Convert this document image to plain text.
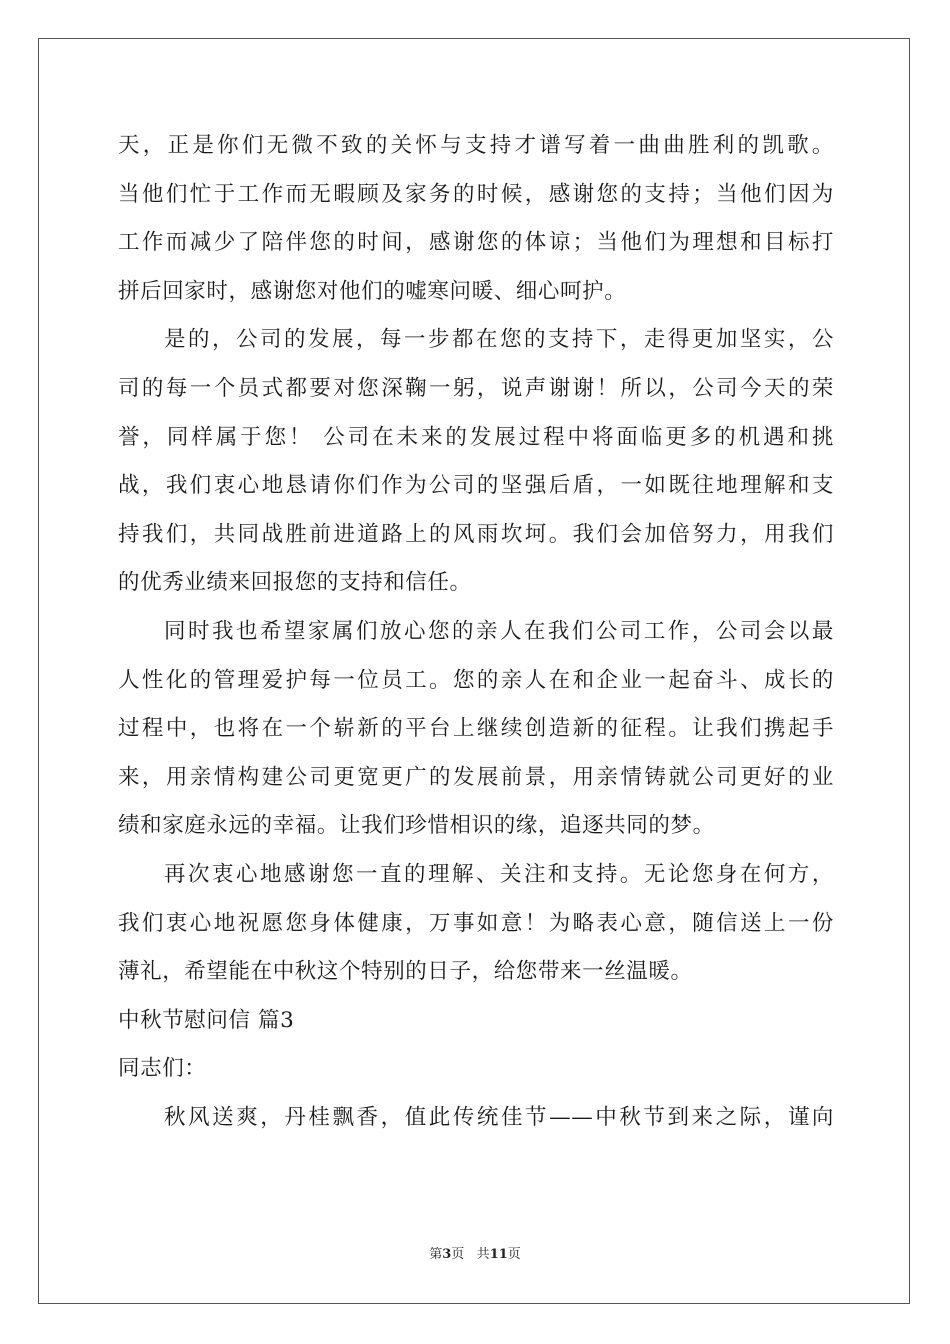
天，正是你们无微不致的关怀与支持才谱写着一曲曲胜利的凯歌。
当他们忙于工作而无暇顾及家务的时候，感谢您的支持；当他们因为
工作而减少了陪伴您的时间，感谢您的体谅；当他们为理想和目标打
拼后回家时，感谢您对他们的嘘寒问暖、细心呵护。
是的，公司的发展，每一步都在您的支持下，走得更加坚实，公
司的每一个员式都要对您深鞠一躬，说声谢谢！所以，公司今天的荣
誉，同样属于您！ 公司在未来的发展过程中将面临更多的机遇和挑
战，我们衷心地恳请你们作为公司的坚强后盾，一如既往地理解和支
持我们，共同战胜前进道路上的风雨坎坷。我们会加倍努力，用我们
的优秀业绩来回报您的支持和信任。
同时我也希望家属们放心您的亲人在我们公司工作，公司会以最
人性化的管理爱护每一位员工。您的亲人在和企业一起奋斗、成长的
过程中，也将在一个崭新的平台上继续创造新的征程。让我们携起手
来，用亲情构建公司更宽更广的发展前景，用亲情铸就公司更好的业
绩和家庭永远的幸福。让我们珍惜相识的缘，追逐共同的梦。
再次衷心地感谢您一直的理解、关注和支持。无论您身在何方，
我们衷心地祝愿您身体健康，万事如意！为略表心意，随信送上一份
薄礼，希望能在中秋这个特别的日子，给您带来一丝温暖。
中秋节慰问信 篇3
同志们：
秋风送爽，丹桂飘香，值此传统佳节——中秋节到来之际，谨向
第3页 共11页
